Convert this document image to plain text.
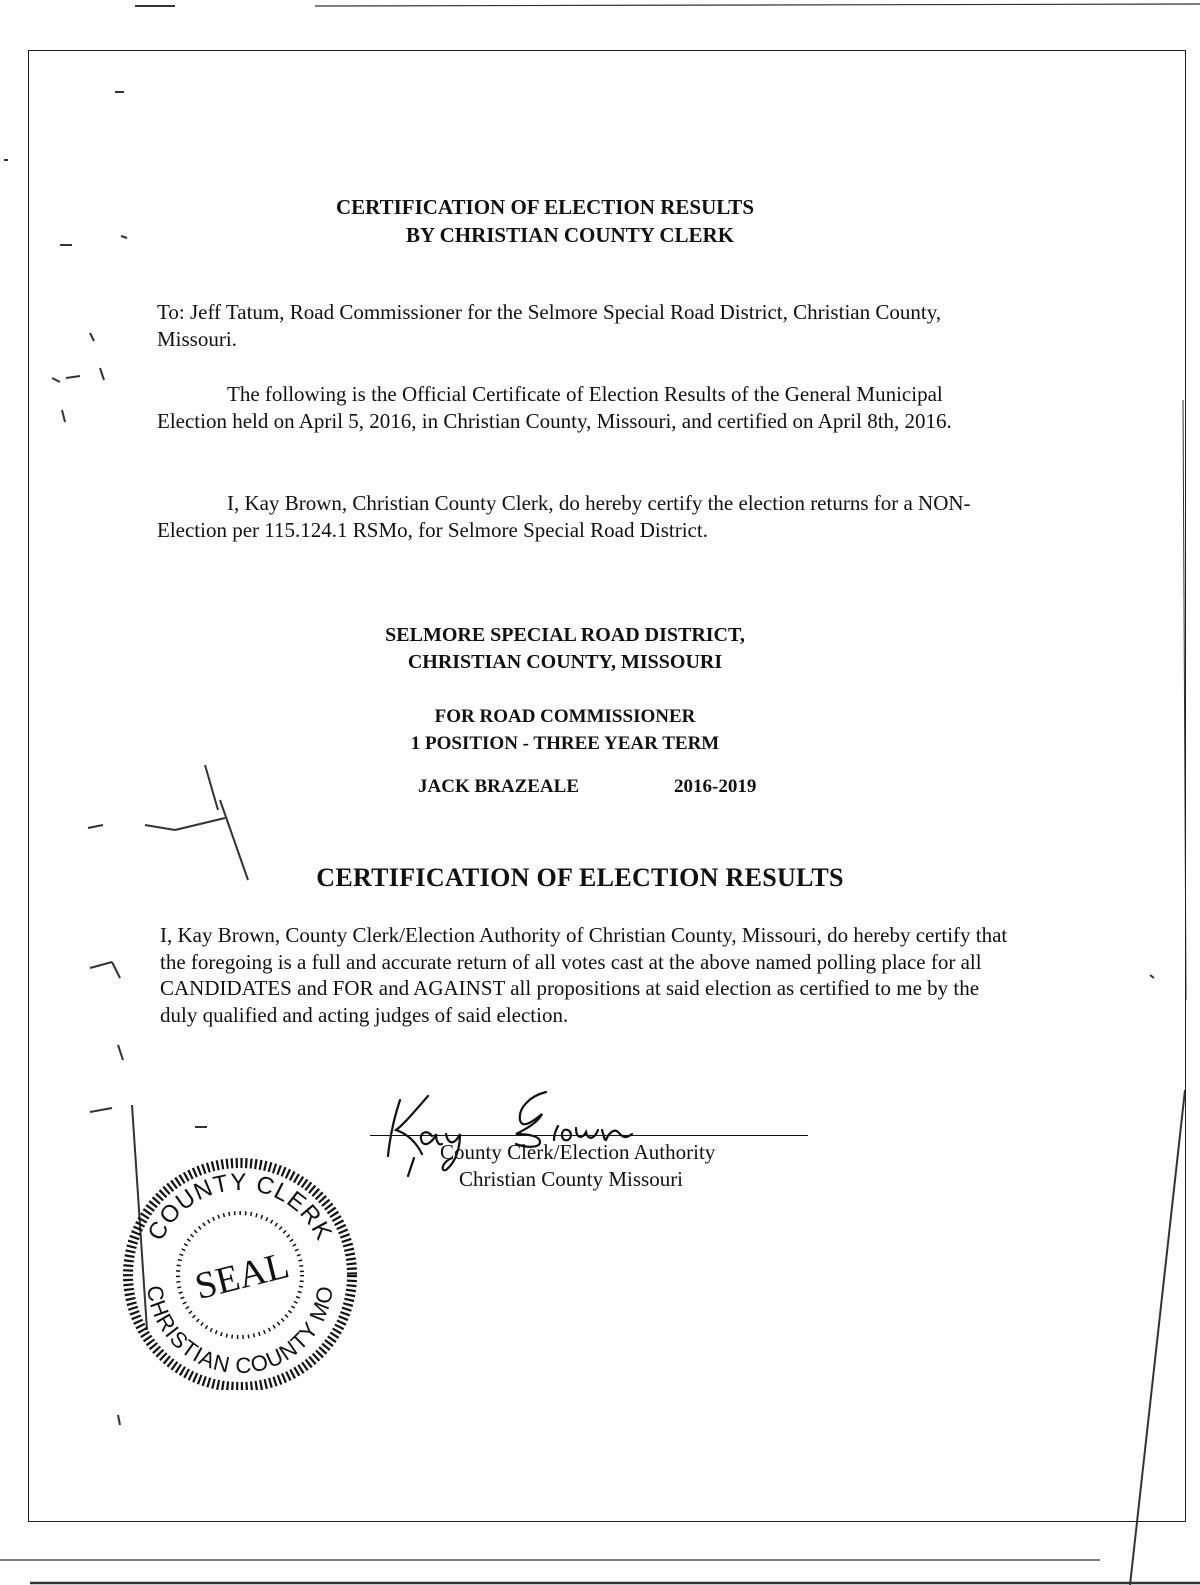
CERTIFICATION OF ELECTION RESULTS
BY CHRISTIAN COUNTY CLERK
To: Jeff Tatum, Road Commissioner for the Selmore Special Road District, Christian County, Missouri.
The following is the Official Certificate of Election Results of the General Municipal Election held on April 5, 2016, in Christian County, Missouri, and certified on April 8th, 2016.
I, Kay Brown, Christian County Clerk, do hereby certify the election returns for a NON-Election per 115.124.1 RSMo, for Selmore Special Road District.
SELMORE SPECIAL ROAD DISTRICT,
CHRISTIAN COUNTY, MISSOURI
FOR ROAD COMMISSIONER
1 POSITION - THREE YEAR TERM
JACK BRAZEALE	2016-2019
CERTIFICATION OF ELECTION RESULTS
I, Kay Brown, County Clerk/Election Authority of Christian County, Missouri, do hereby certify that the foregoing is a full and accurate return of all votes cast at the above named polling place for all CANDIDATES and FOR and AGAINST all propositions at said election as certified to me by the duly qualified and acting judges of said election.
County Clerk/Election Authority
Christian County Missouri
COUNTY CLERK
CHRISTIAN COUNTY MO
SEAL
